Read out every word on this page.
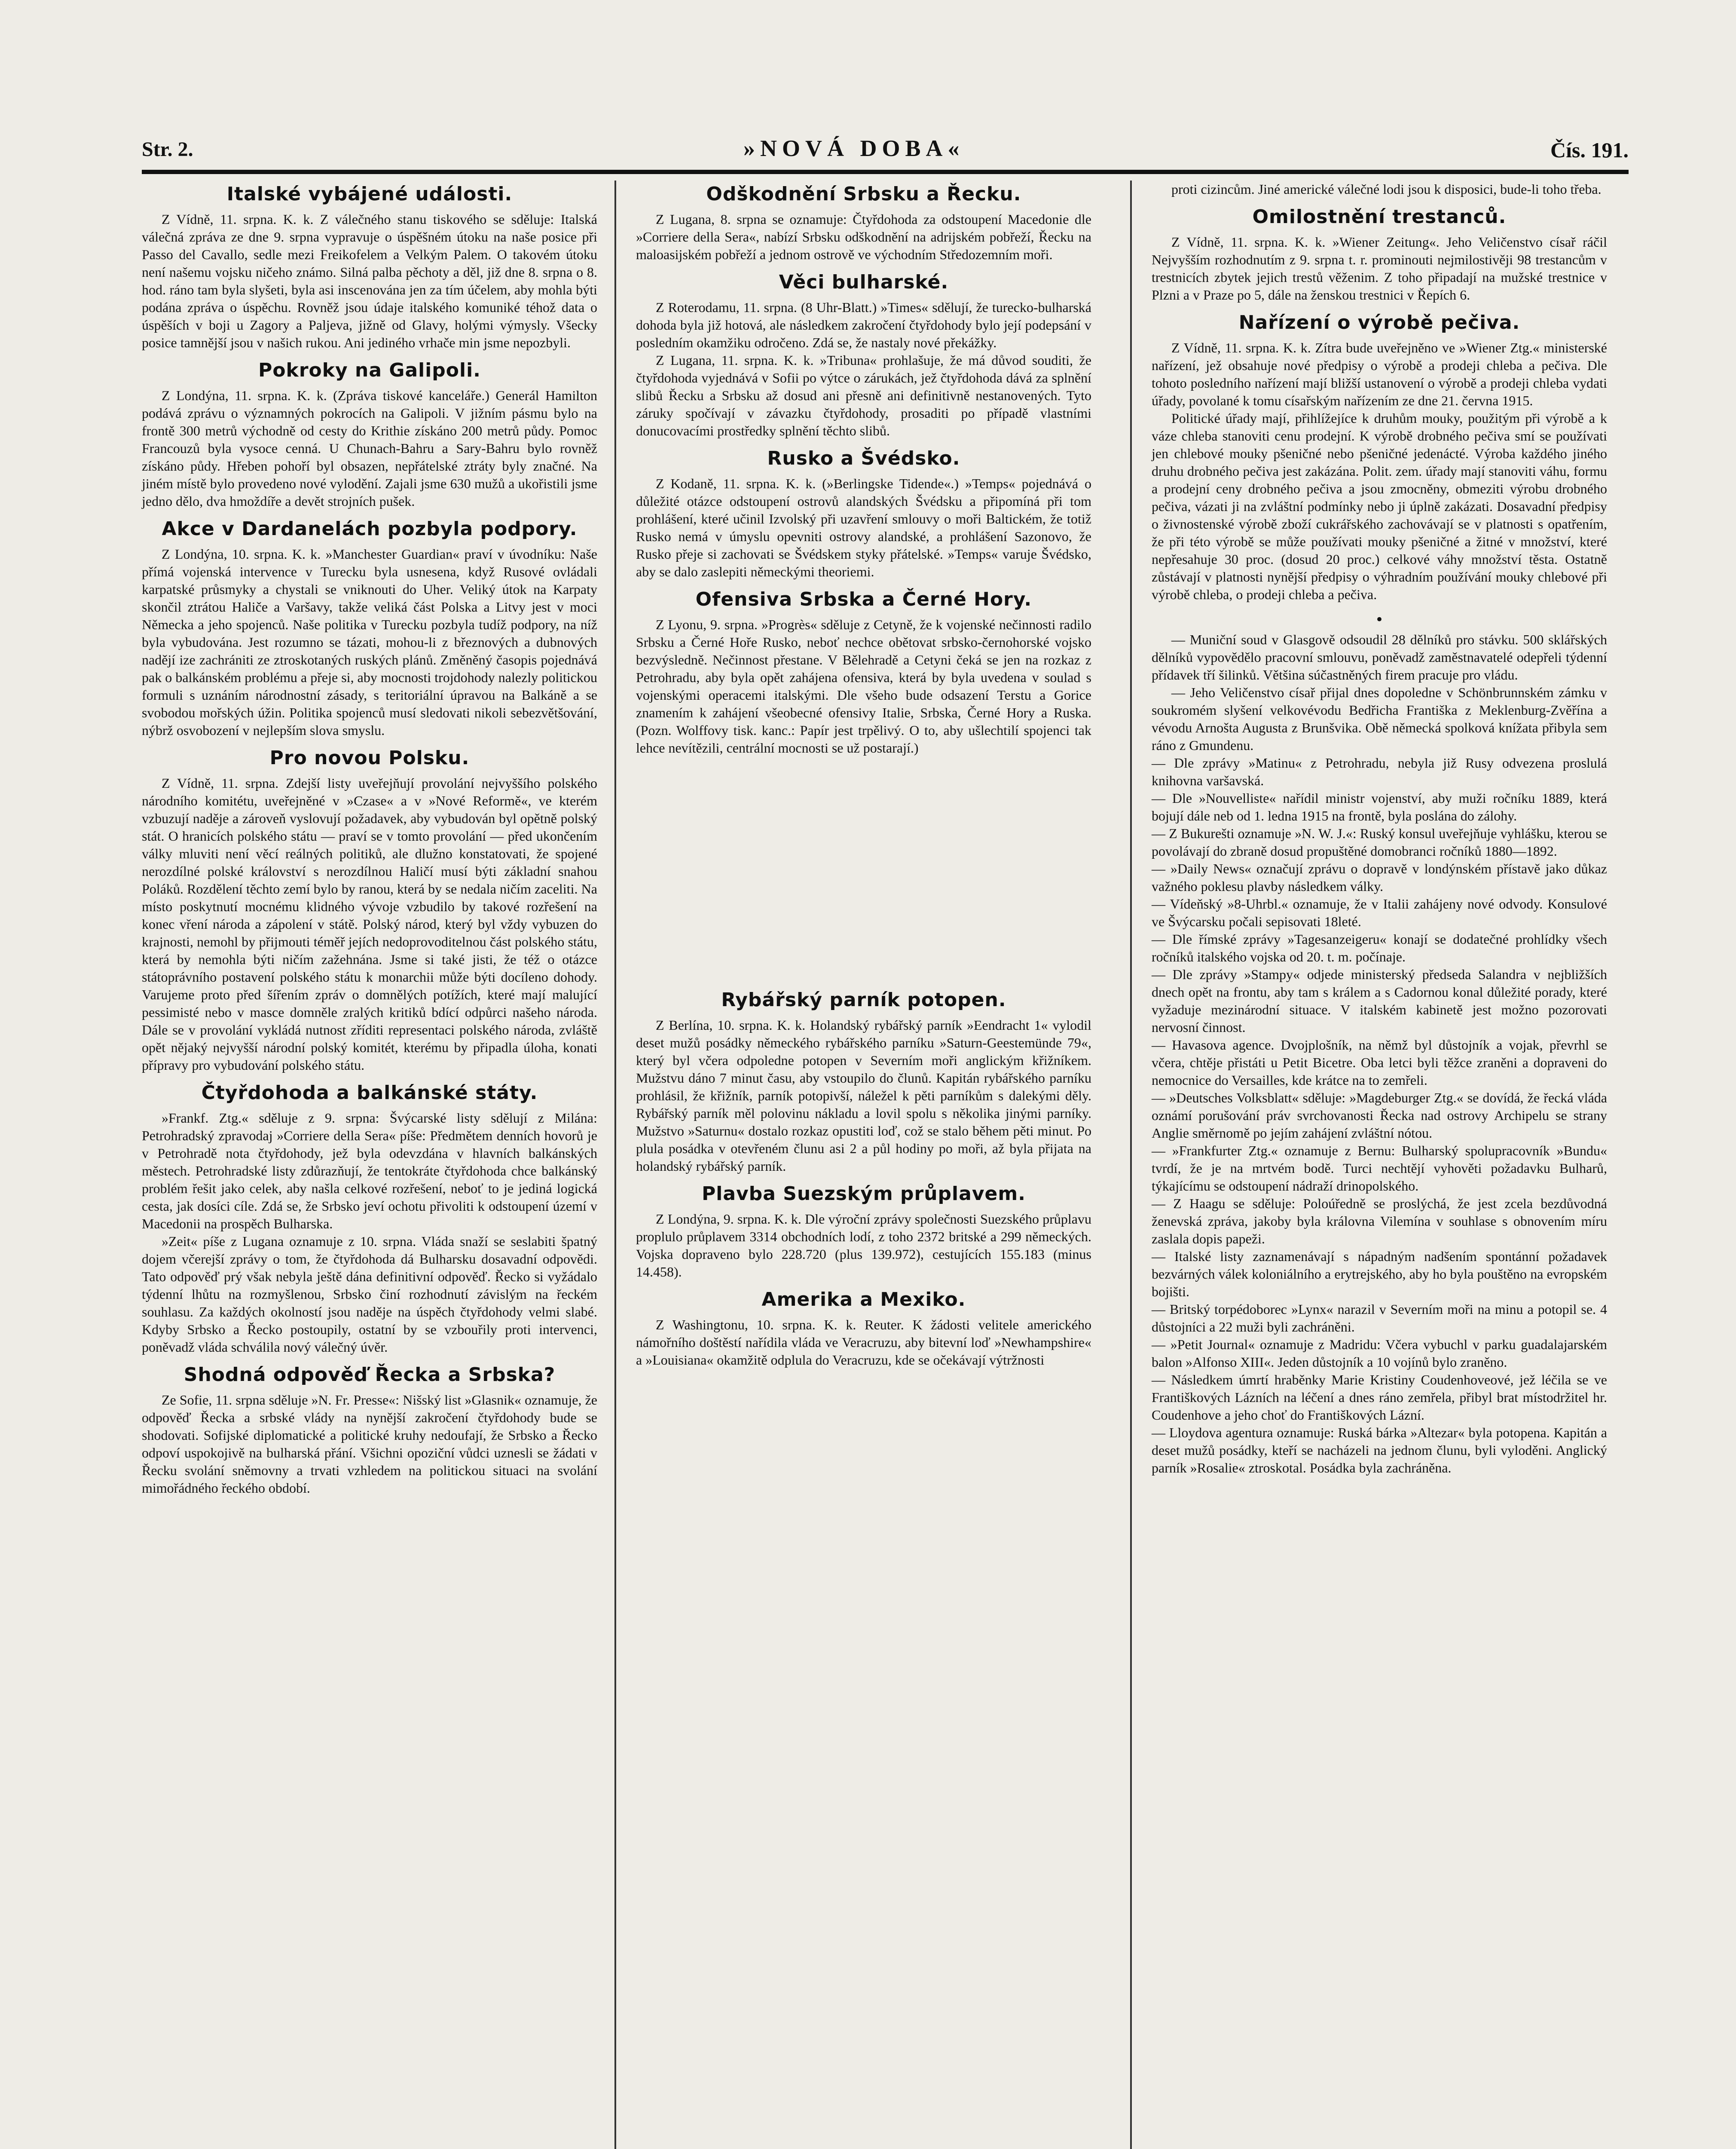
Str. 2.	»NOVÁ DOBA«	Čís. 191.
Italské vybájené události.

Z Vídně, 11. srpna. K. k. Z válečného stanu tiskového se sděluje: Italská válečná zpráva ze dne 9. srpna vypravuje o úspěšném útoku na naše posice při Passo del Cavallo, sedle mezi Freikofelem a Velkým Palem. O takovém útoku není našemu vojsku ničeho známo. Silná palba pěchoty a děl, již dne 8. srpna o 8. hod. ráno tam byla slyšeti, byla asi inscenována jen za tím účelem, aby mohla býti podána zpráva o úspěchu. Rovněž jsou údaje italského komuniké téhož data o úspěších v boji u Zagory a Paljeva, jižně od Glavy, holými výmysly. Všecky posice tamnější jsou v našich rukou. Ani jediného vrhače min jsme nepozbyli.

Pokroky na Galipoli.

Z Londýna, 11. srpna. K. k. (Zpráva tiskové kanceláře.) Generál Hamilton podává zprávu o významných pokrocích na Galipoli. V jižním pásmu bylo na frontě 300 metrů východně od cesty do Krithie získáno 200 metrů půdy. Pomoc Francouzů byla vysoce cenná. U Chunach-Bahru a Sary-Bahru bylo rovněž získáno půdy. Hřeben pohoří byl obsazen, nepřátelské ztráty byly značné. Na jiném místě bylo provedeno nové vylodění. Zajali jsme 630 mužů a ukořistili jsme jedno dělo, dva hmoždíře a devět strojních pušek.

Akce v Dardanelách pozbyla podpory.

Z Londýna, 10. srpna. K. k. »Manchester Guardian« praví v úvodníku: Naše přímá vojenská intervence v Turecku byla usnesena, když Rusové ovládali karpatské průsmyky a chystali se vniknouti do Uher. Veliký útok na Karpaty skončil ztrátou Haliče a Varšavy, takže veliká část Polska a Litvy jest v moci Německa a jeho spojenců. Naše politika v Turecku pozbyla tudíž podpory, na níž byla vybudována. Jest rozumno se tázati, mohou-li z březnových a dubnových nadějí ize zachrániti ze ztroskotaných ruských plánů. Změněný časopis pojednává pak o balkánském problému a přeje si, aby mocnosti trojdohody nalezly politickou formuli s uznáním národnostní zásady, s teritoriální úpravou na Balkáně a se svobodou mořských úžin. Politika spojenců musí sledovati nikoli sebezvětšování, nýbrž osvobození v nejlepším slova smyslu.

Pro novou Polsku.

Z Vídně, 11. srpna. Zdejší listy uveřejňují provolání nejvyššího polského národního komitétu, uveřejněné v »Czase« a v »Nové Reformě«, ve kterém vzbuzují naděje a zároveň vyslovují požadavek, aby vybudován byl opětně polský stát. O hranicích polského státu — praví se v tomto provolání — před ukončením války mluviti není věcí reálných politiků, ale dlužno konstatovati, že spojené nerozdílné polské království s nerozdílnou Haličí musí býti základní snahou Poláků. Rozdělení těchto zemí bylo by ranou, která by se nedala ničím zaceliti. Na místo poskytnutí mocnému klidného vývoje vzbudilo by takové rozřešení na konec vření národa a zápolení v státě. Polský národ, který byl vždy vybuzen do krajnosti, nemohl by přijmouti téměř jejích nedoprovoditelnou část polského státu, která by nemohla býti ničím zažehnána. Jsme si také jisti, že též o otázce státoprávního postavení polského státu k monarchii může býti docíleno dohody. Varujeme proto před šířením zpráv o domnělých potížích, které mají malující pessimisté nebo v masce domněle zralých kritiků bdící odpůrci našeho národa. Dále se v provolání vykládá nutnost zříditi representaci polského národa, zvláště opět nějaký nejvyšší národní polský komitét, kterému by připadla úloha, konati přípravy pro vybudování polského státu.

Čtyřdohoda a balkánské státy.

»Frankf. Ztg.« sděluje z 9. srpna: Švýcarské listy sdělují z Milána: Petrohradský zpravodaj »Corriere della Sera« píše: Předmětem denních hovorů je v Petrohradě nota čtyřdohody, jež byla odevzdána v hlavních balkánských městech. Petrohradské listy zdůrazňují, že tentokráte čtyřdohoda chce balkánský problém řešit jako celek, aby našla celkové rozřešení, neboť to je jediná logická cesta, jak dosíci cíle. Zdá se, že Srbsko jeví ochotu přivoliti k odstoupení území v Macedonii na prospěch Bulharska.

»Zeit« píše z Lugana oznamuje z 10. srpna. Vláda snaží se seslabiti špatný dojem včerejší zprávy o tom, že čtyřdohoda dá Bulharsku dosavadní odpovědi. Tato odpověď prý však nebyla ještě dána definitivní odpověď. Řecko si vyžádalo týdenní lhůtu na rozmyšlenou, Srbsko činí rozhodnutí závislým na řeckém souhlasu. Za každých okolností jsou naděje na úspěch čtyřdohody velmi slabé. Kdyby Srbsko a Řecko postoupily, ostatní by se vzbouřily proti intervenci, poněvadž vláda schválila nový válečný úvěr.

Shodná odpověď Řecka a Srbska?

Ze Sofie, 11. srpna sděluje »N. Fr. Presse«: Nišský list »Glasnik« oznamuje, že odpověď Řecka a srbské vlády na nynější zakročení čtyřdohody bude se shodovati. Sofijské diplomatické a politické kruhy nedoufají, že Srbsko a Řecko odpoví uspokojivě na bulharská přání. Všichni opoziční vůdci uznesli se žádati v Řecku svolání sněmovny a trvati vzhledem na politickou situaci na svolání mimořádného řeckého období.

Odškodnění Srbsku a Řecku.

Z Lugana, 8. srpna se oznamuje: Čtyřdohoda za odstoupení Macedonie dle »Corriere della Sera«, nabízí Srbsku odškodnění na adrijském pobřeží, Řecku na maloasijském pobřeží a jednom ostrově ve východním Středozemním moři.

Věci bulharské.

Z Roterodamu, 11. srpna. (8 Uhr-Blatt.) »Times« sdělují, že turecko-bulharská dohoda byla již hotová, ale následkem zakročení čtyřdohody bylo její podepsání v posledním okamžiku odročeno. Zdá se, že nastaly nové překážky.

Z Lugana, 11. srpna. K. k. »Tribuna« prohlašuje, že má důvod souditi, že čtyřdohoda vyjednává v Sofii po výtce o zárukách, jež čtyřdohoda dává za splnění slibů Řecku a Srbsku až dosud ani přesně ani definitivně nestanovených. Tyto záruky spočívají v závazku čtyřdohody, prosaditi po případě vlastními donucovacími prostředky splnění těchto slibů.

Rusko a Švédsko.

Z Kodaně, 11. srpna. K. k. (»Berlingske Tidende«.) »Temps« pojednává o důležité otázce odstoupení ostrovů alandských Švédsku a připomíná při tom prohlášení, které učinil Izvolský při uzavření smlouvy o moři Baltickém, že totiž Rusko nemá v úmyslu opevniti ostrovy alandské, a prohlášení Sazonovo, že Rusko přeje si zachovati se Švédskem styky přátelské. »Temps« varuje Švédsko, aby se dalo zaslepiti německými theoriemi.

Ofensiva Srbska a Černé Hory.

Z Lyonu, 9. srpna. »Progrès« sděluje z Cetyně, že k vojenské nečinnosti radilo Srbsku a Černé Hoře Rusko, neboť nechce obětovat srbsko-černohorské vojsko bezvýsledně. Nečinnost přestane. V Bělehradě a Cetyni čeká se jen na rozkaz z Petrohradu, aby byla opět zahájena ofensiva, která by byla uvedena v soulad s vojenskými operacemi italskými. Dle všeho bude odsazení Terstu a Gorice znamením k zahájení všeobecné ofensivy Italie, Srbska, Černé Hory a Ruska. (Pozn. Wolffovy tisk. kanc.: Papír jest trpělivý. O to, aby ušlechtilí spojenci tak lehce nevítězili, centrální mocnosti se už postarají.)

Rybářský parník potopen.

Z Berlína, 10. srpna. K. k. Holandský rybářský parník »Eendracht 1« vylodil deset mužů posádky německého rybářského parníku »Saturn-Geestemünde 79«, který byl včera odpoledne potopen v Severním moři anglickým křižníkem. Mužstvu dáno 7 minut času, aby vstoupilo do člunů. Kapitán rybářského parníku prohlásil, že křižník, parník potopivší, náležel k pěti parníkům s dalekými děly. Rybářský parník měl polovinu nákladu a lovil spolu s několika jinými parníky. Mužstvo »Saturnu« dostalo rozkaz opustiti loď, což se stalo během pěti minut. Po plula posádka v otevřeném člunu asi 2 a půl hodiny po moři, až byla přijata na holandský rybářský parník.

Plavba Suezským průplavem.

Z Londýna, 9. srpna. K. k. Dle výroční zprávy společnosti Suezského průplavu proplulo průplavem 3314 obchodních lodí, z toho 2372 britské a 299 německých. Vojska dopraveno bylo 228.720 (plus 139.972), cestujících 155.183 (minus 14.458).

Amerika a Mexiko.

Z Washingtonu, 10. srpna. K. k. Reuter. K žádosti velitele amerického námořního doštěstí nařídila vláda ve Veracruzu, aby bitevní loď »Newhampshire« a »Louisiana« okamžitě odplula do Veracruzu, kde se očekávají výtržnosti

proti cizincům. Jiné americké válečné lodi jsou k disposici, bude-li toho třeba.

Omilostnění trestanců.

Z Vídně, 11. srpna. K. k. »Wiener Zeitung«. Jeho Veličenstvo císař ráčil Nejvyšším rozhodnutím z 9. srpna t. r. prominouti nejmilostivěji 98 trestancům v trestnicích zbytek jejich trestů věženim. Z toho připadají na mužské trestnice v Plzni a v Praze po 5, dále na ženskou trestnici v Řepích 6.

Nařízení o výrobě pečiva.

Z Vídně, 11. srpna. K. k. Zítra bude uveřejněno ve »Wiener Ztg.« ministerské nařízení, jež obsahuje nové předpisy o výrobě a prodeji chleba a pečiva. Dle tohoto posledního nařízení mají bližší ustanovení o výrobě a prodeji chleba vydati úřady, povolané k tomu císařským nařízením ze dne 21. června 1915.

Politické úřady mají, přihlížejíce k druhům mouky, použitým při výrobě a k váze chleba stanoviti cenu prodejní. K výrobě drobného pečiva smí se používati jen chlebové mouky pšeničné nebo pšeničné jedenácté. Výroba každého jiného druhu drobného pečiva jest zakázána. Polit. zem. úřady mají stanoviti váhu, formu a prodejní ceny drobného pečiva a jsou zmocněny, obmeziti výrobu drobného pečiva, vázati ji na zvláštní podmínky nebo ji úplně zakázati. Dosavadní předpisy o živnostenské výrobě zboží cukrářského zachovávají se v platnosti s opatřením, že při této výrobě se může používati mouky pšeničné a žitné v množství, které nepřesahuje 30 proc. (dosud 20 proc.) celkové váhy množství těsta. Ostatně zůstávají v platnosti nynější předpisy o výhradním používání mouky chlebové při výrobě chleba, o prodeji chleba a pečiva.

•

— Muniční soud v Glasgově odsoudil 28 dělníků pro stávku. 500 sklářských dělníků vypovědělo pracovní smlouvu, poněvadž zaměstnavatelé odepřeli týdenní přídavek tří šilinků. Většina súčastněných firem pracuje pro vládu.

— Jeho Veličenstvo císař přijal dnes dopoledne v Schönbrunnském zámku v soukromém slyšení velkovévodu Bedřicha Františka z Meklenburg-Zvěřína a vévodu Arnošta Augusta z Brunšvika. Obě německá spolková knížata přibyla sem ráno z Gmundenu.
— Dle zprávy »Matinu« z Petrohradu, nebyla již Rusy odvezena proslulá knihovna varšavská.
— Dle »Nouvelliste« nařídil ministr vojenství, aby muži ročníku 1889, která bojují dále neb od 1. ledna 1915 na frontě, byla poslána do zálohy.
— Z Bukurešti oznamuje »N. W. J.«: Ruský konsul uveřejňuje vyhlášku, kterou se povolávají do zbraně dosud propuštěné domobranci ročníků 1880—1892.
— »Daily News« označují zprávu o dopravě v londýnském přístavě jako důkaz važného poklesu plavby následkem války.
— Vídeňský »8-Uhrbl.« oznamuje, že v Italii zahájeny nové odvody. Konsulové ve Švýcarsku počali sepisovati 18leté.
— Dle římské zprávy »Tagesanzeigeru« konají se dodatečné prohlídky všech ročníků italského vojska od 20. t. m. počínaje.
— Dle zprávy »Stampy« odjede ministerský předseda Salandra v nejbližších dnech opět na frontu, aby tam s králem a s Cadornou konal důležité porady, které vyžaduje mezinárodní situace. V italském kabinetě jest možno pozorovati nervosní činnost.
— Havasova agence. Dvojplošník, na němž byl důstojník a vojak, převrhl se včera, chtěje přistáti u Petit Bicetre. Oba letci byli těžce zraněni a dopraveni do nemocnice do Versailles, kde krátce na to zemřeli.
— »Deutsches Volksblatt« sděluje: »Magdeburger Ztg.« se dovídá, že řecká vláda oznámí porušování práv svrchovanosti Řecka nad ostrovy Archipelu se strany Anglie směrnomě po jejím zahájení zvláštní nótou.
— »Frankfurter Ztg.« oznamuje z Bernu: Bulharský spolupracovník »Bundu« tvrdí, že je na mrtvém bodě. Turci nechtějí vyhověti požadavku Bulharů, týkajícímu se odstoupení nádraží drinopolského.
— Z Haagu se sděluje: Poloúředně se proslýchá, že jest zcela bezdůvodná ženevská zpráva, jakoby byla královna Vilemína v souhlase s obnovením míru zaslala dopis papeži.
— Italské listy zaznamenávají s nápadným nadšením spontánní požadavek bezvárných válek koloniálního a erytrejského, aby ho byla pouštěno na evropském bojišti.
— Britský torpédoborec »Lynx« narazil v Severním moři na minu a potopil se. 4 důstojníci a 22 muži byli zachráněni.
— »Petit Journal« oznamuje z Madridu: Včera vybuchl v parku guadalajarském balon »Alfonso XIII«. Jeden důstojník a 10 vojínů bylo zraněno.
— Následkem úmrtí hraběnky Marie Kristiny Coudenhoveové, jež léčila se ve Františkových Lázních na léčení a dnes ráno zemřela, přibyl brat místodržitel hr. Coudenhove a jeho choť do Františkových Lázní.
— Lloydova agentura oznamuje: Ruská bárka »Altezar« byla potopena. Kapitán a deset mužů posádky, kteří se nacházeli na jednom člunu, byli vyloděni. Anglický parník »Rosalie« ztroskotal. Posádka byla zachráněna.
